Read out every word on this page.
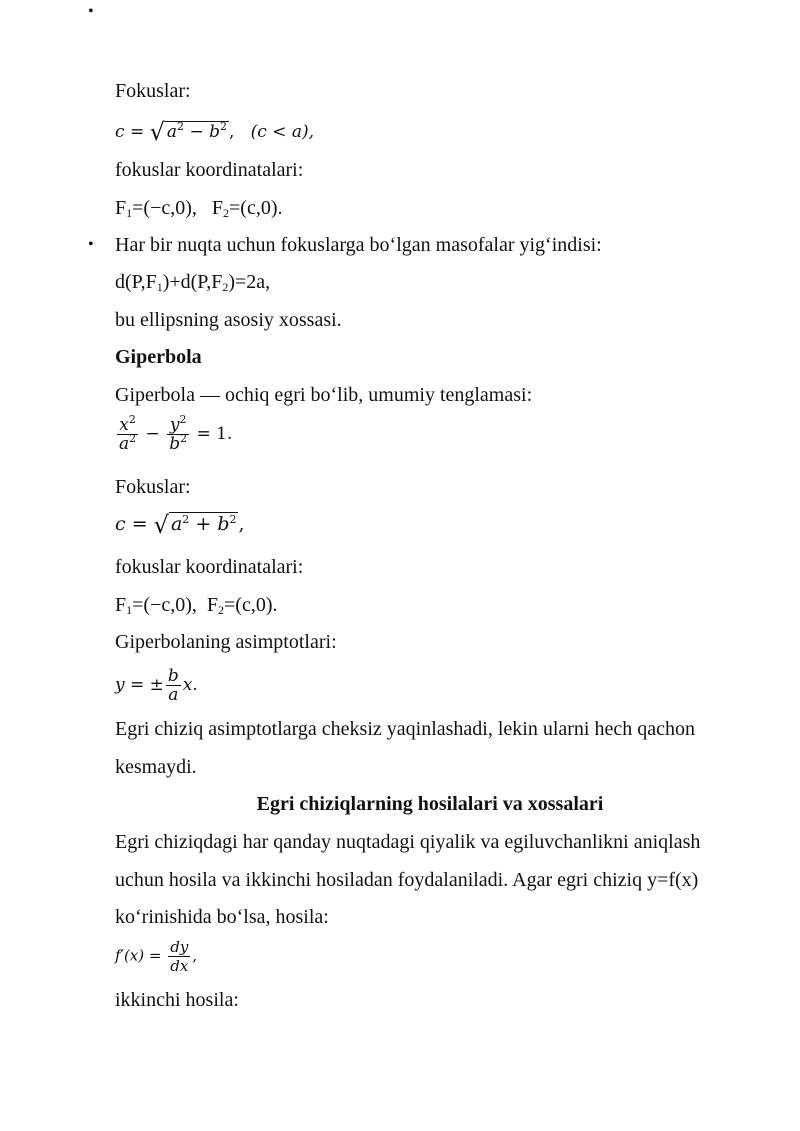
•
Fokuslar:
c = √ $a^2 - b^2$ , (c < a),
fokuslar koordinatalari:
$F_1=(-c,0)$, $F_2=(c,0)$.
• Har bir nuqta uchun fokuslarga bo‘lgan masofalar yig‘indisi:
$d(P,F_1)+d(P,F_2)=2a$,
bu ellipsning asosiy xossasi.
Giperbola
Giperbola — ochiq egri bo‘lib, umumiy tenglamasi:
$\frac{x^2}{a^2} - \frac{y^2}{b^2} = 1$.
Fokuslar:
c = √ $a^2 + b^2$ ,
fokuslar koordinatalari:
$F_1=(-c,0)$, $F_2=(c,0)$.
Giperbolaning asimptotlari:
y = ± $\frac{b}{a} x$.
Egri chiziq asimptotlarga cheksiz yaqinlashadi, lekin ularni hech qachon
kesmaydi.
Egri chiziqlarning hosilalari va xossalari
Egri chiziqdagi har qanday nuqtadagi qiyalik va egiluvchanlikni aniqlash
uchun hosila va ikkinchi hosiladan foydalaniladi. Agar egri chiziq y=f(x)
ko‘rinishida bo‘lsa, hosila:
$f'(x) = \frac{dy}{dx}$ ,
ikkinchi hosila:
